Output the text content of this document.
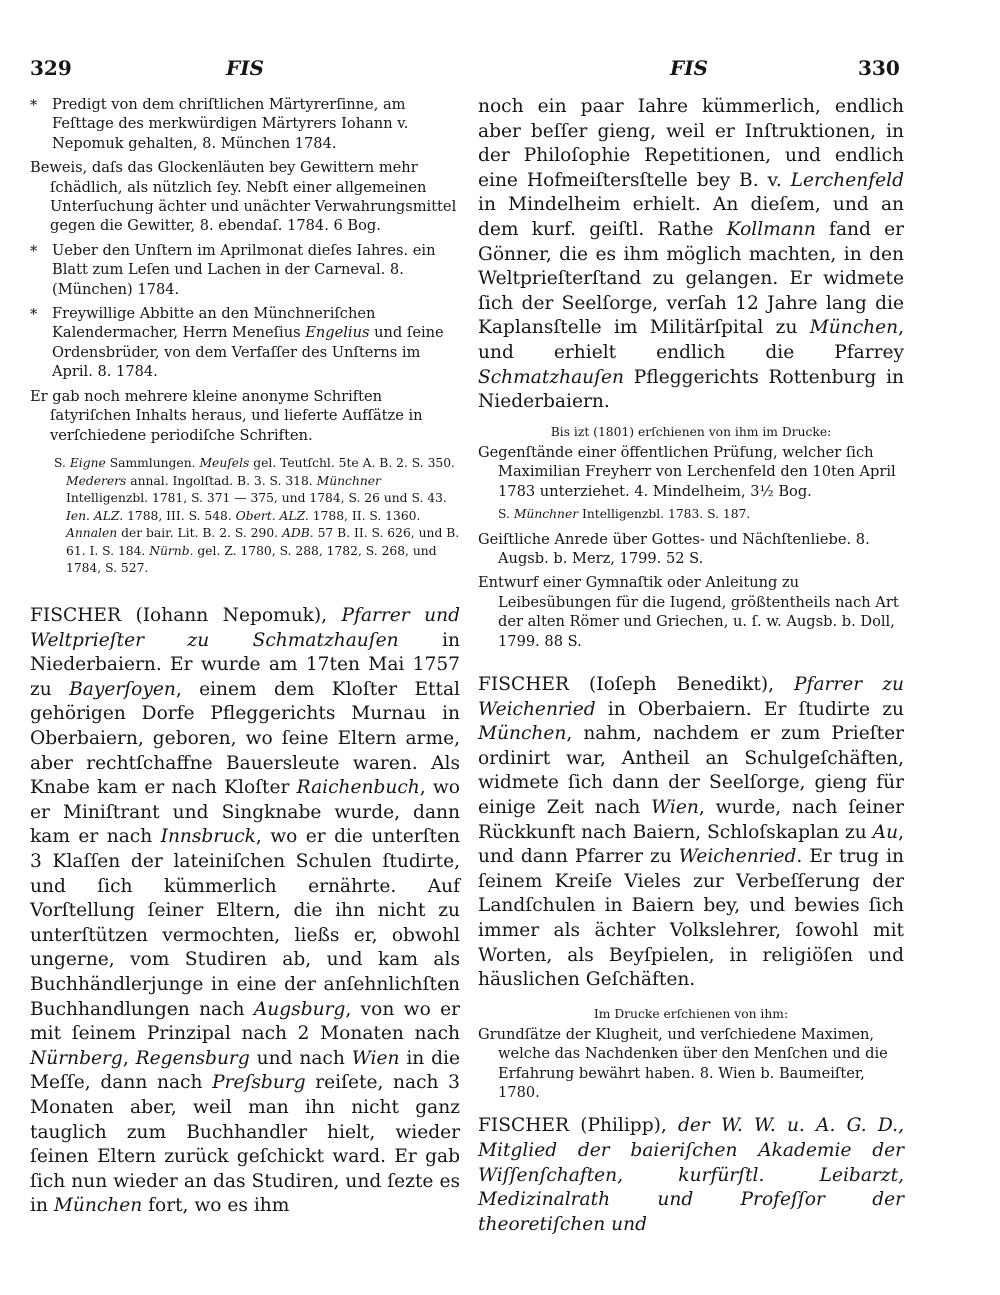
329	FIS	FIS	330

* Predigt von dem chriſtlichen Märtyrerſinne, am Feſttage des merkwürdigen Märtyrers Iohann v. Nepomuk gehalten, 8. München 1784.

Beweis, daſs das Glockenläuten bey Gewittern mehr ſchädlich, als nützlich ſey. Nebſt einer allgemeinen Unterſuchung ächter und unächter Verwahrungsmittel gegen die Gewitter, 8. ebendaſ. 1784. 6 Bog.

* Ueber den Unſtern im Aprilmonat dieſes Iahres. ein Blatt zum Leſen und Lachen in der Carneval. 8. (München) 1784.

* Freywillige Abbitte an den Münchneriſchen Kalendermacher, Herrn Meneſius Engelius und ſeine Ordensbrüder, von dem Verfaſſer des Unſterns im April. 8. 1784.

Er gab noch mehrere kleine anonyme Schriften ſatyriſchen Inhalts heraus, und lieferte Aufſätze in verſchiedene periodiſche Schriften.

S. Eigne Sammlungen. Meuſels gel. Teutſchl. 5te A. B. 2. S. 350. Mederers annal. Ingolſtad. B. 3. S. 318. Münchner Intelligenzbl. 1781, S. 371 — 375, und 1784, S. 26 und S. 43. Ien. ALZ. 1788, III. S. 548. Obert. ALZ. 1788, II. S. 1360. Annalen der bair. Lit. B. 2. S. 290. ADB. 57 B. II. S. 626, und B. 61. I. S. 184. Nürnb. gel. Z. 1780, S. 288, 1782, S. 268, und 1784, S. 527.

FISCHER (Iohann Nepomuk), Pfarrer und Weltprieſter zu Schmatzhauſen in Niederbaiern. Er wurde am 17ten Mai 1757 zu Bayerſoyen, einem dem Kloſter Ettal gehörigen Dorfe Pfleggerichts Murnau in Oberbaiern, geboren, wo ſeine Eltern arme, aber rechtſchaffne Bauersleute waren. Als Knabe kam er nach Kloſter Raichenbuch, wo er Miniſtrant und Singknabe wurde, dann kam er nach Innsbruck, wo er die unterſten 3 Klaſſen der lateiniſchen Schulen ſtudirte, und ſich kümmerlich ernährte. Auf Vorſtellung ſeiner Eltern, die ihn nicht zu unterſtützen vermochten, ließs er, obwohl ungerne, vom Studiren ab, und kam als Buchhändlerjunge in eine der anſehnlichſten Buchhandlungen nach Augsburg, von wo er mit ſeinem Prinzipal nach 2 Monaten nach Nürnberg, Regensburg und nach Wien in die Meſſe, dann nach Preſsburg reiſete, nach 3 Monaten aber, weil man ihn nicht ganz tauglich zum Buchhandler hielt, wieder ſeinen Eltern zurück geſchickt ward. Er gab ſich nun wieder an das Studiren, und ſezte es in München fort, wo es ihm

noch ein paar Iahre kümmerlich, endlich aber beſſer gieng, weil er Inſtruktionen, in der Philoſophie Repetitionen, und endlich eine Hofmeiſtersſtelle bey B. v. Lerchenfeld in Mindelheim erhielt. An dieſem, und an dem kurf. geiſtl. Rathe Kollmann fand er Gönner, die es ihm möglich machten, in den Weltprieſterſtand zu gelangen. Er widmete ſich der Seelſorge, verſah 12 Jahre lang die Kaplansſtelle im Militärſpital zu München, und erhielt endlich die Pfarrey Schmatzhauſen Pfleggerichts Rottenburg in Niederbaiern.

Bis izt (1801) erſchienen von ihm im Drucke:

Gegenſtände einer öffentlichen Prüfung, welcher ſich Maximilian Freyherr von Lerchenfeld den 10ten April 1783 unterziehet. 4. Mindelheim, 3½ Bog.

S. Münchner Intelligenzbl. 1783. S. 187.

Geiſtliche Anrede über Gottes- und Nächſtenliebe. 8. Augsb. b. Merz, 1799. 52 S.

Entwurf einer Gymnaſtik oder Anleitung zu Leibesübungen für die Iugend, größtentheils nach Art der alten Römer und Griechen, u. ſ. w. Augsb. b. Doll, 1799. 88 S.

FISCHER (Ioſeph Benedikt), Pfarrer zu Weichenried in Oberbaiern. Er ſtudirte zu München, nahm, nachdem er zum Prieſter ordinirt war, Antheil an Schulgeſchäften, widmete ſich dann der Seelſorge, gieng für einige Zeit nach Wien, wurde, nach ſeiner Rückkunft nach Baiern, Schloſskaplan zu Au, und dann Pfarrer zu Weichenried. Er trug in ſeinem Kreiſe Vieles zur Verbeſſerung der Landſchulen in Baiern bey, und bewies ſich immer als ächter Volkslehrer, ſowohl mit Worten, als Beyſpielen, in religiöſen und häuslichen Geſchäften.

Im Drucke erſchienen von ihm:

Grundſätze der Klugheit, und verſchiedene Maximen, welche das Nachdenken über den Menſchen und die Erfahrung bewährt haben. 8. Wien b. Baumeiſter, 1780.

FISCHER (Philipp), der W. W. u. A. G. D., Mitglied der baieriſchen Akademie der Wiſſenſchaften, kurfürſtl. Leibarzt, Medizinalrath und Profeſſor der theoretiſchen und
